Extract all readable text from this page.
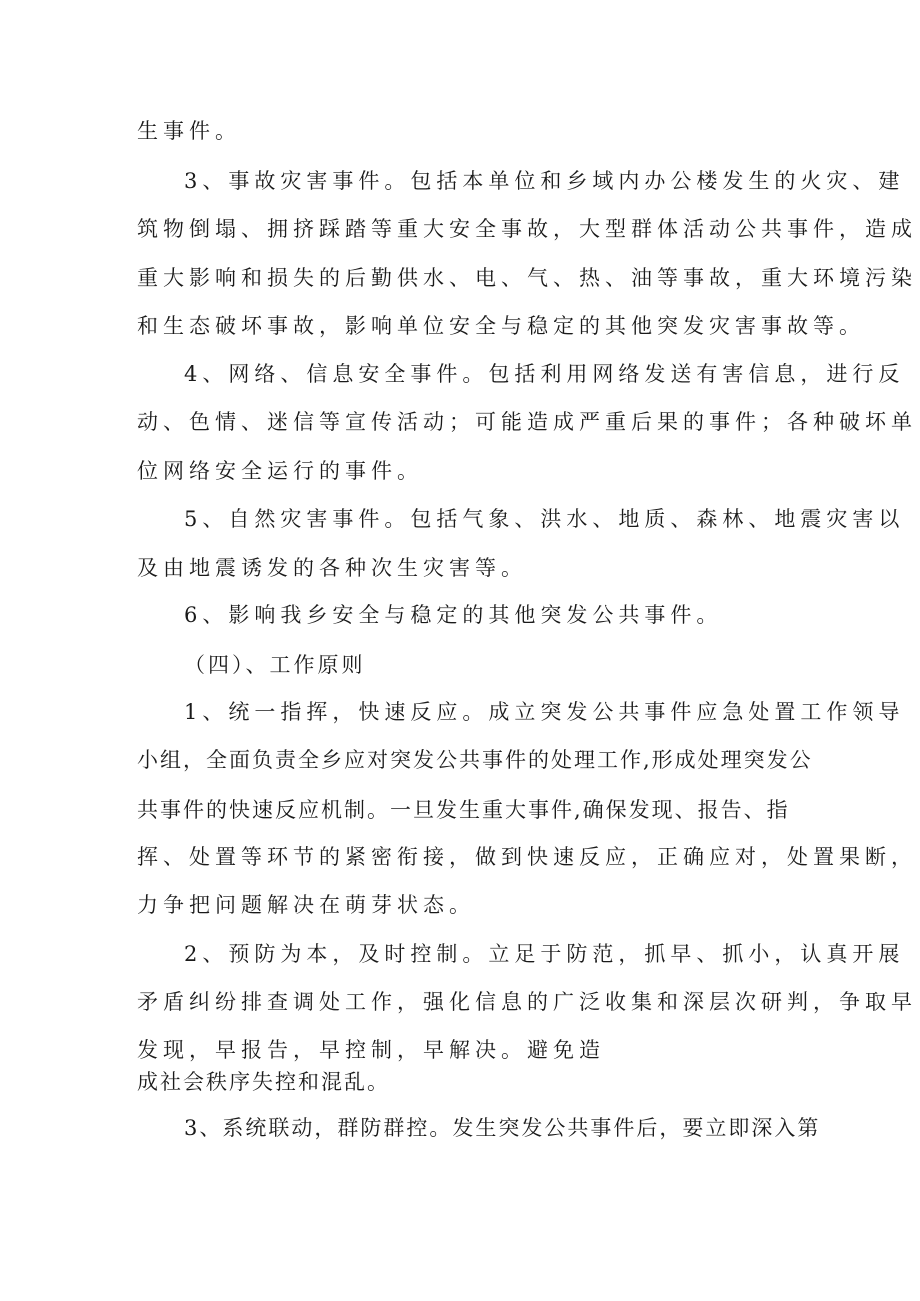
生事件。
3、事故灾害事件。包括本单位和乡域内办公楼发生的火灾、建
筑物倒塌、拥挤踩踏等重大安全事故，大型群体活动公共事件，造成
重大影响和损失的后勤供水、电、气、热、油等事故，重大环境污染
和生态破坏事故，影响单位安全与稳定的其他突发灾害事故等。
4、网络、信息安全事件。包括利用网络发送有害信息，进行反
动、色情、迷信等宣传活动；可能造成严重后果的事件；各种破坏单
位网络安全运行的事件。
5、自然灾害事件。包括气象、洪水、地质、森林、地震灾害以
及由地震诱发的各种次生灾害等。
6、影响我乡安全与稳定的其他突发公共事件。
（四）、工作原则
1、统一指挥，快速反应。成立突发公共事件应急处置工作领导
小组，全面负责全乡应对突发公共事件的处理工作,形成处理突发公
共事件的快速反应机制。一旦发生重大事件,确保发现、报告、指
挥、处置等环节的紧密衔接，做到快速反应，正确应对，处置果断，
力争把问题解决在萌芽状态。
2、预防为本，及时控制。立足于防范，抓早、抓小，认真开展
矛盾纠纷排查调处工作，强化信息的广泛收集和深层次研判，争取早
发现，早报告，早控制，早解决。避免造
成社会秩序失控和混乱。
3、系统联动，群防群控。发生突发公共事件后，要立即深入第
